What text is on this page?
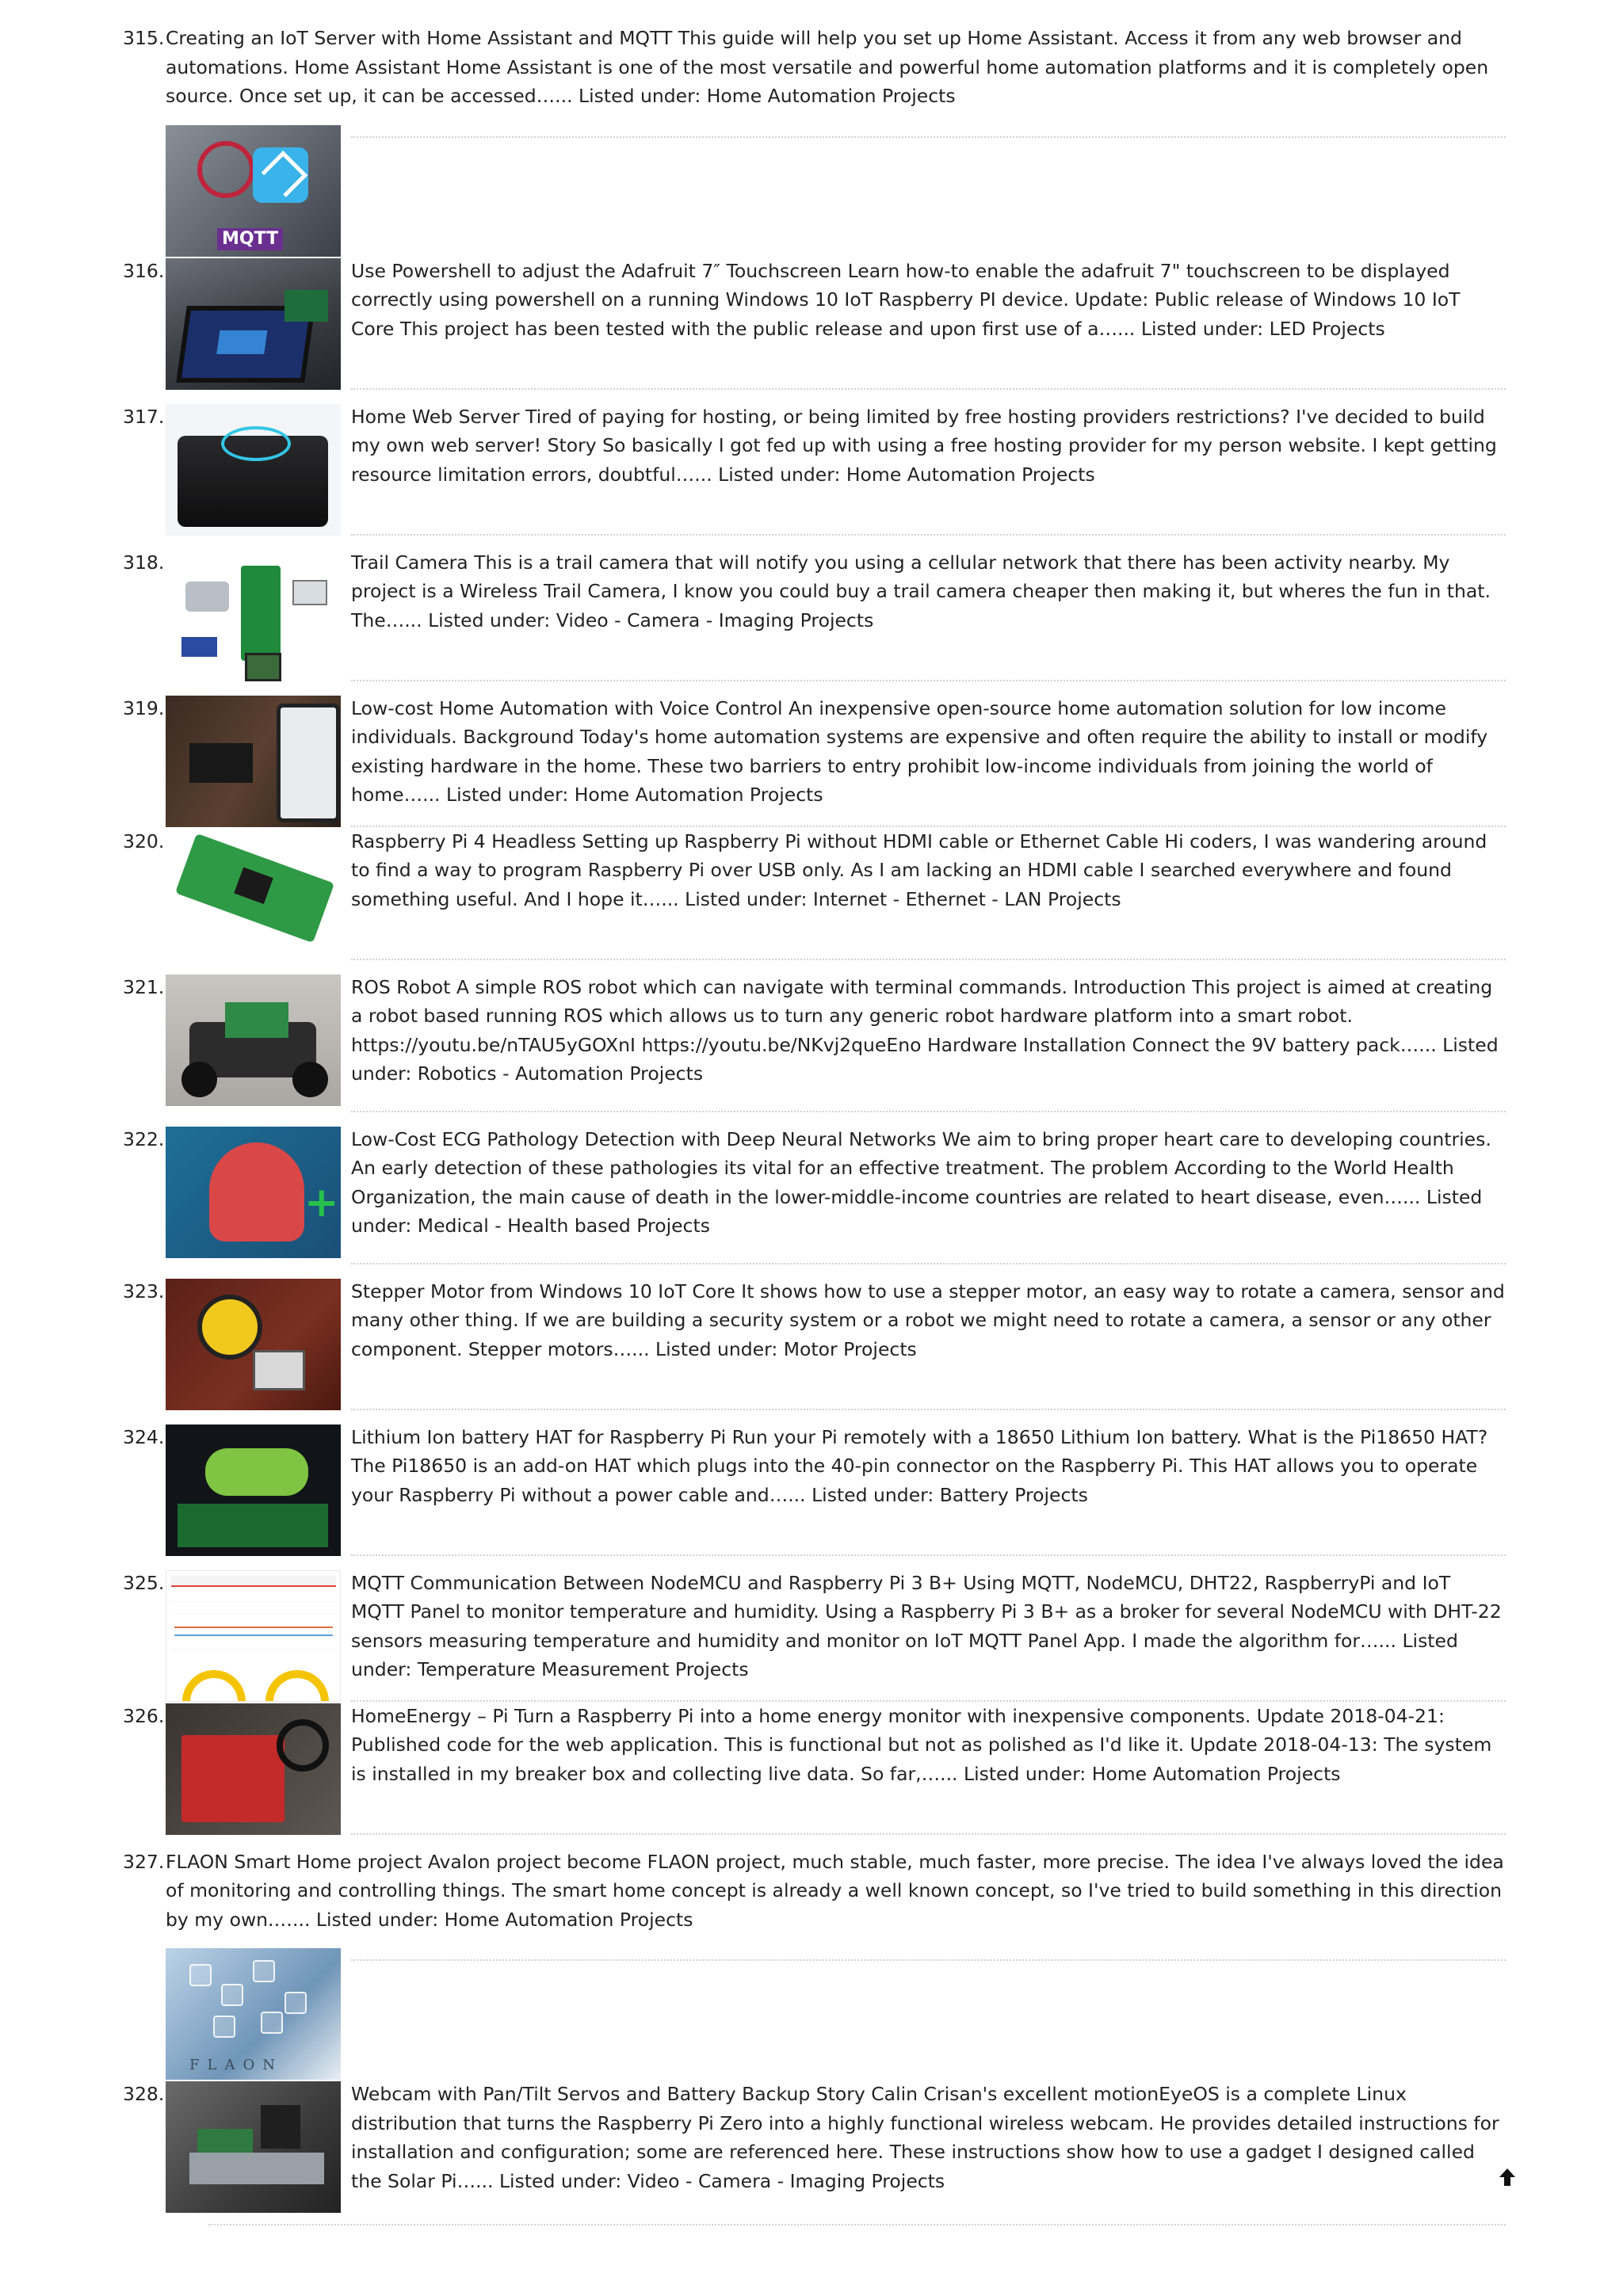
315. Creating an IoT Server with Home Assistant and MQTT This guide will help you set up Home Assistant. Access it from any web browser and automations. Home Assistant Home Assistant is one of the most versatile and powerful home automation platforms and it is completely open source. Once set up, it can be accessed…... Listed under: Home Automation Projects
MQTT
316.	Use Powershell to adjust the Adafruit 7″ Touchscreen Learn how-to enable the adafruit 7" touchscreen to be displayed correctly using powershell on a running Windows 10 IoT Raspberry PI device. Update: Public release of Windows 10 IoT Core This project has been tested with the public release and upon first use of a…... Listed under: LED Projects
317.	Home Web Server Tired of paying for hosting, or being limited by free hosting providers restrictions? I've decided to build my own web server! Story So basically I got fed up with using a free hosting provider for my person website. I kept getting resource limitation errors, doubtful…... Listed under: Home Automation Projects
318.	Trail Camera This is a trail camera that will notify you using a cellular network that there has been activity nearby. My project is a Wireless Trail Camera, I know you could buy a trail camera cheaper then making it, but wheres the fun in that. The…... Listed under: Video - Camera - Imaging Projects
319.	Low-cost Home Automation with Voice Control An inexpensive open-source home automation solution for low income individuals. Background Today's home automation systems are expensive and often require the ability to install or modify existing hardware in the home. These two barriers to entry prohibit low-income individuals from joining the world of home…... Listed under: Home Automation Projects
320.	Raspberry Pi 4 Headless Setting up Raspberry Pi without HDMI cable or Ethernet Cable Hi coders, I was wandering around to find a way to program Raspberry Pi over USB only. As I am lacking an HDMI cable I searched everywhere and found something useful. And I hope it…... Listed under: Internet - Ethernet - LAN Projects
321.	ROS Robot A simple ROS robot which can navigate with terminal commands. Introduction This project is aimed at creating a robot based running ROS which allows us to turn any generic robot hardware platform into a smart robot. https://youtu.be/nTAU5yGOXnI https://youtu.be/NKvj2queEno Hardware Installation Connect the 9V battery pack…... Listed under: Robotics - Automation Projects
322.
+
Low-Cost ECG Pathology Detection with Deep Neural Networks We aim to bring proper heart care to developing countries. An early detection of these pathologies its vital for an effective treatment. The problem According to the World Health Organization, the main cause of death in the lower-middle-income countries are related to heart disease, even…... Listed under: Medical - Health based Projects
323.	Stepper Motor from Windows 10 IoT Core It shows how to use a stepper motor, an easy way to rotate a camera, sensor and many other thing. If we are building a security system or a robot we might need to rotate a camera, a sensor or any other component. Stepper motors…... Listed under: Motor Projects
324.	Lithium Ion battery HAT for Raspberry Pi Run your Pi remotely with a 18650 Lithium Ion battery. What is the Pi18650 HAT? The Pi18650 is an add-on HAT which plugs into the 40-pin connector on the Raspberry Pi. This HAT allows you to operate your Raspberry Pi without a power cable and…... Listed under: Battery Projects
325.	MQTT Communication Between NodeMCU and Raspberry Pi 3 B+ Using MQTT, NodeMCU, DHT22, RaspberryPi and IoT MQTT Panel to monitor temperature and humidity. Using a Raspberry Pi 3 B+ as a broker for several NodeMCU with DHT-22 sensors measuring temperature and humidity and monitor on IoT MQTT Panel App. I made the algorithm for…... Listed under: Temperature Measurement Projects
326.	HomeEnergy – Pi Turn a Raspberry Pi into a home energy monitor with inexpensive components. Update 2018-04-21: Published code for the web application. This is functional but not as polished as I'd like it. Update 2018-04-13: The system is installed in my breaker box and collecting live data. So far,…... Listed under: Home Automation Projects
327. FLAON Smart Home project Avalon project become FLAON project, much stable, much faster, more precise. The idea I've always loved the idea of monitoring and controlling things. The smart home concept is already a well known concept, so I've tried to build something in this direction by my own.…... Listed under: Home Automation Projects
FLAON
328.	Webcam with Pan/Tilt Servos and Battery Backup Story Calin Crisan's excellent motionEyeOS is a complete Linux distribution that turns the Raspberry Pi Zero into a highly functional wireless webcam. He provides detailed instructions for installation and configuration; some are referenced here. These instructions show how to use a gadget I designed called the Solar Pi…... Listed under: Video - Camera - Imaging Projects
